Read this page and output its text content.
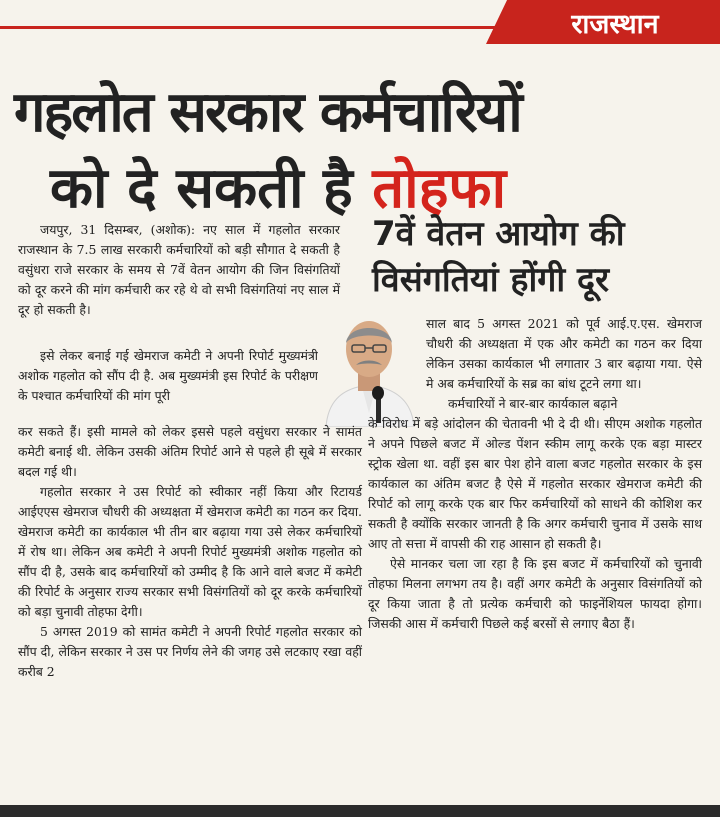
राजस्थान
गहलोत सरकार कर्मचारियों
को दे सकती है तोहफा
7वें वेतन आयोग की
विसंगतियां होंगी दूर

जयपुर, 31 दिसम्बर, (अशोक): नए साल में गहलोत सरकार राजस्थान के 7.5 लाख सरकारी कर्मचारियों को बड़ी सौगात दे सकती है वसुंधरा राजे सरकार के समय से 7वें वेतन आयोग की जिन विसंगतियों को दूर करने की मांग कर्मचारी कर रहे थे वो सभी विसंगतियां नए साल में दूर हो सकती है।

इसे लेकर बनाई गई खेमराज कमेटी ने अपनी रिपोर्ट मुख्यमंत्री अशोक गहलोत को सौंप दी है. अब मुख्यमंत्री इस रिपोर्ट के परीक्षण के पश्चात कर्मचारियों की मांग पूरी

कर सकते हैं। इसी मामले को लेकर इससे पहले वसुंधरा सरकार ने सामंत कमेटी बनाई थी. लेकिन उसकी अंतिम रिपोर्ट आने से पहले ही सूबे में सरकार बदल गई थी।

गहलोत सरकार ने उस रिपोर्ट को स्वीकार नहीं किया और रिटायर्ड आईएएस खेमराज चौधरी की अध्यक्षता में खेमराज कमेटी का गठन कर दिया. खेमराज कमेटी का कार्यकाल भी तीन बार बढ़ाया गया उसे लेकर कर्मचारियों में रोष था। लेकिन अब कमेटी ने अपनी रिपोर्ट मुख्यमंत्री अशोक गहलोत को सौंप दी है, उसके बाद कर्मचारियों को उम्मीद है कि आने वाले बजट में कमेटी की रिपोर्ट के अनुसार राज्य सरकार सभी विसंगतियों को दूर करके कर्मचारियों को बड़ा चुनावी तोहफा देगी।

5 अगस्त 2019 को सामंत कमेटी ने अपनी रिपोर्ट गहलोत सरकार को सौंप दी, लेकिन सरकार ने उस पर निर्णय लेने की जगह उसे लटकाए रखा वहीं करीब 2

साल बाद 5 अगस्त 2021 को पूर्व आई.ए.एस. खेमराज चौधरी की अध्यक्षता में एक और कमेटी का गठन कर दिया लेकिन उसका कार्यकाल भी लगातार 3 बार बढ़ाया गया. ऐसे मे अब कर्मचारियों के सब्र का बांध टूटने लगा था।

कर्मचारियों ने बार-बार कार्यकाल बढ़ाने

के विरोध में बड़े आंदोलन की चेतावनी भी दे दी थी। सीएम अशोक गहलोत ने अपने पिछले बजट में ओल्ड पेंशन स्कीम लागू करके एक बड़ा मास्टर स्ट्रोक खेला था. वहीं इस बार पेश होने वाला बजट गहलोत सरकार के इस कार्यकाल का अंतिम बजट है ऐसे में गहलोत सरकार खेमराज कमेटी की रिपोर्ट को लागू करके एक बार फिर कर्मचारियों को साधने की कोशिश कर सकती है क्योंकि सरकार जानती है कि अगर कर्मचारी चुनाव में उसके साथ आए तो सत्ता में वापसी की राह आसान हो सकती है।

ऐसे मानकर चला जा रहा है कि इस बजट में कर्मचारियों को चुनावी तोहफा मिलना लगभग तय है। वहीं अगर कमेटी के अनुसार विसंगतियों को दूर किया जाता है तो प्रत्येक कर्मचारी को फाइनेंशियल फायदा होगा। जिसकी आस में कर्मचारी पिछले कई बरसों से लगाए बैठा हैं।
